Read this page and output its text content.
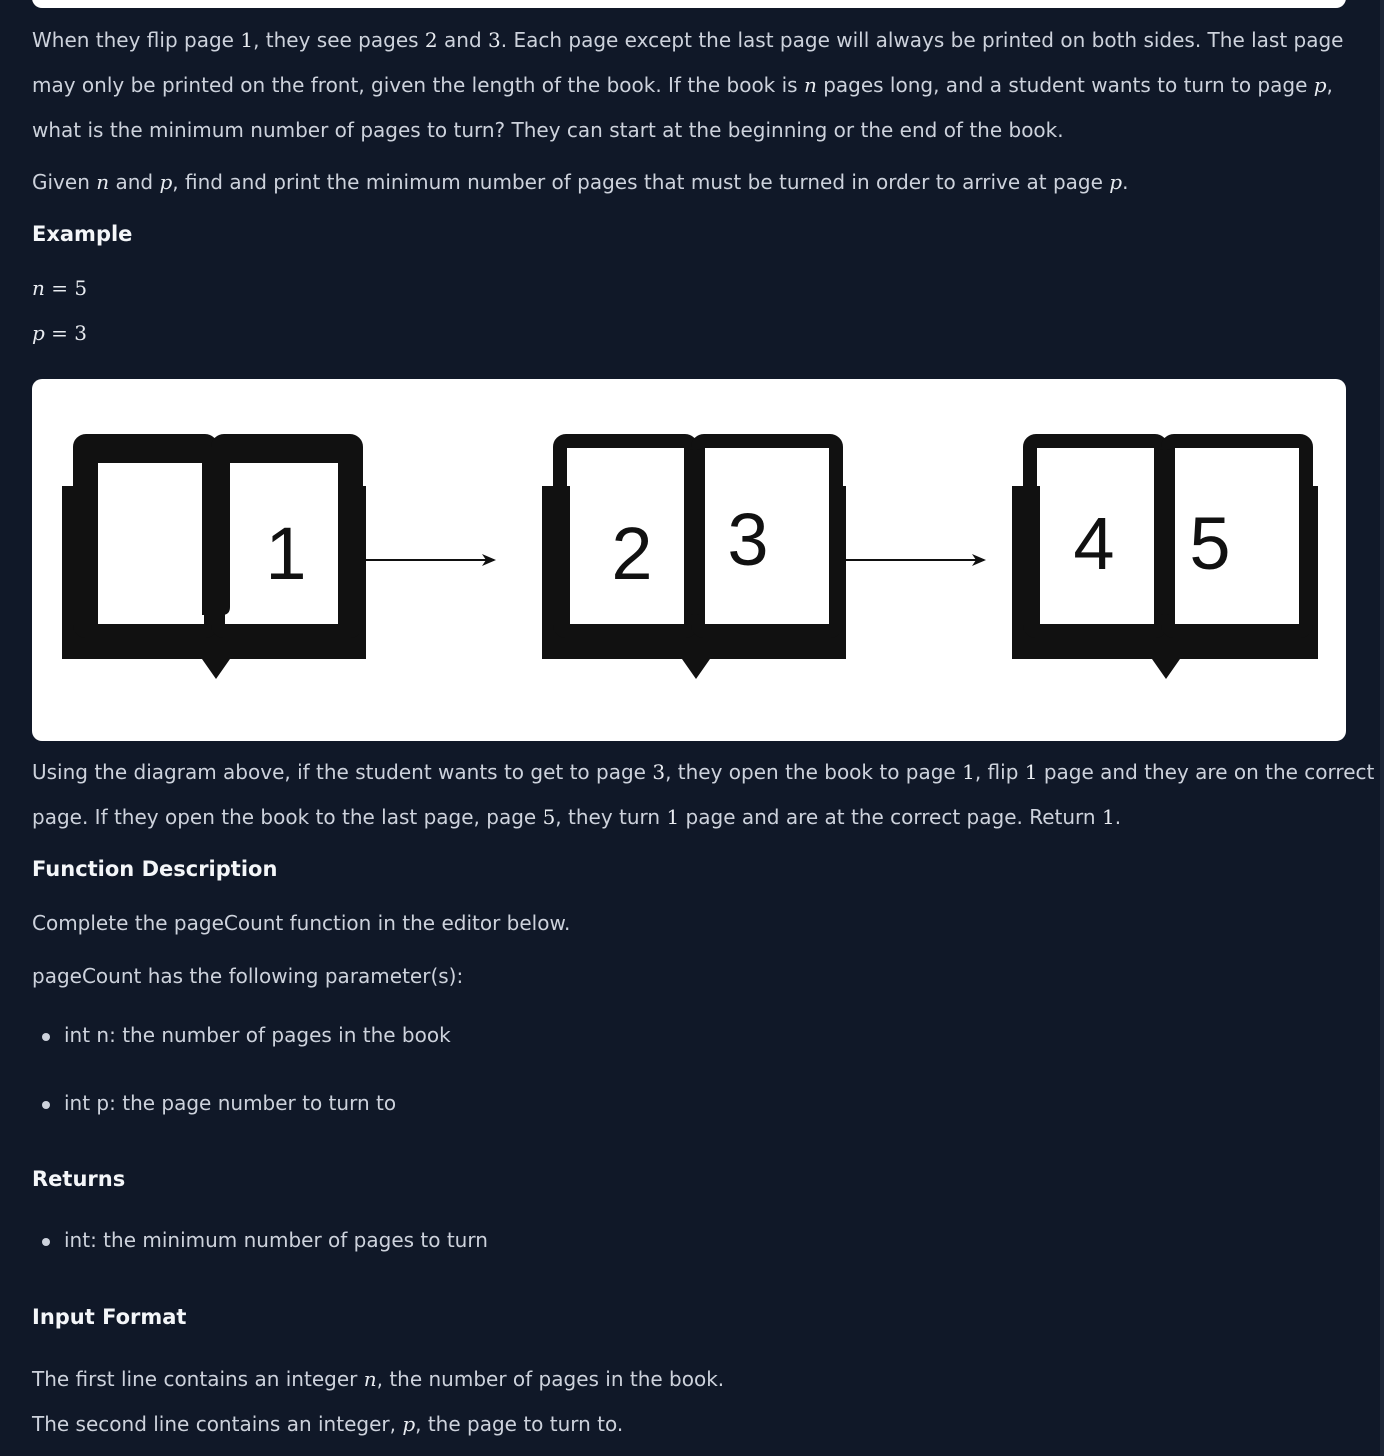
When they flip page 1, they see pages 2 and 3. Each page except the last page will always be printed on both sides. The last page
may only be printed on the front, given the length of the book. If the book is n pages long, and a student wants to turn to page p,
what is the minimum number of pages to turn? They can start at the beginning or the end of the book.
Given n and p, find and print the minimum number of pages that must be turned in order to arrive at page p.
Example
n = 5
p = 3
1	2 3	4 5
Using the diagram above, if the student wants to get to page 3, they open the book to page 1, flip 1 page and they are on the correct
page. If they open the book to the last page, page 5, they turn 1 page and are at the correct page. Return 1.
Function Description
Complete the pageCount function in the editor below.
pageCount has the following parameter(s):
int n: the number of pages in the book
int p: the page number to turn to
Returns
int: the minimum number of pages to turn
Input Format
The first line contains an integer n, the number of pages in the book.
The second line contains an integer, p, the page to turn to.
